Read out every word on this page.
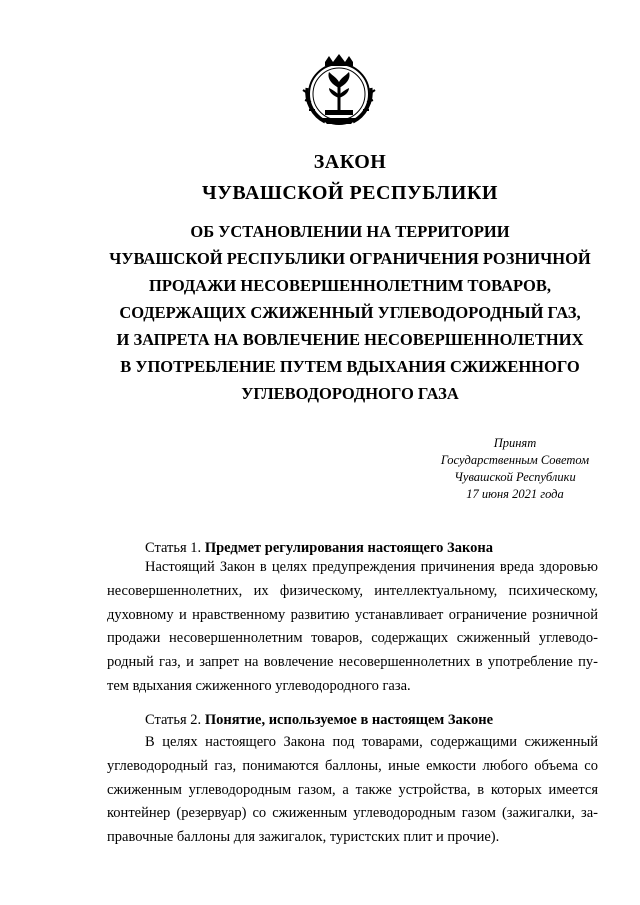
ЗАКОН
ЧУВАШСКОЙ РЕСПУБЛИКИ
ОБ УСТАНОВЛЕНИИ НА ТЕРРИТОРИИ
ЧУВАШСКОЙ РЕСПУБЛИКИ ОГРАНИЧЕНИЯ РОЗНИЧНОЙ
ПРОДАЖИ НЕСОВЕРШЕННОЛЕТНИМ ТОВАРОВ,
СОДЕРЖАЩИХ СЖИЖЕННЫЙ УГЛЕВОДОРОДНЫЙ ГАЗ,
И ЗАПРЕТА НА ВОВЛЕЧЕНИЕ НЕСОВЕРШЕННОЛЕТНИХ
В УПОТРЕБЛЕНИЕ ПУТЕМ ВДЫХАНИЯ СЖИЖЕННОГО
УГЛЕВОДОРОДНОГО ГАЗА
Принят
Государственным Советом
Чувашской Республики
17 июня 2021 года
Статья 1. Предмет регулирования настоящего Закона
Настоящий Закон в целях предупреждения причинения вреда здоровью несовершеннолетних, их физическому, интеллектуальному, психическому, духовному и нравственному развитию устанавливает ограничение розничной продажи несовершеннолетним товаров, содержащих сжиженный углеводородный газ, и запрет на вовлечение несовершеннолетних в употребление путем вдыхания сжиженного углеводородного газа.
Статья 2. Понятие, используемое в настоящем Законе
В целях настоящего Закона под товарами, содержащими сжиженный углеводородный газ, понимаются баллоны, иные емкости любого объема со сжиженным углеводородным газом, а также устройства, в которых имеется контейнер (резервуар) со сжиженным углеводородным газом (зажигалки, заправочные баллоны для зажигалок, туристских плит и прочие).
